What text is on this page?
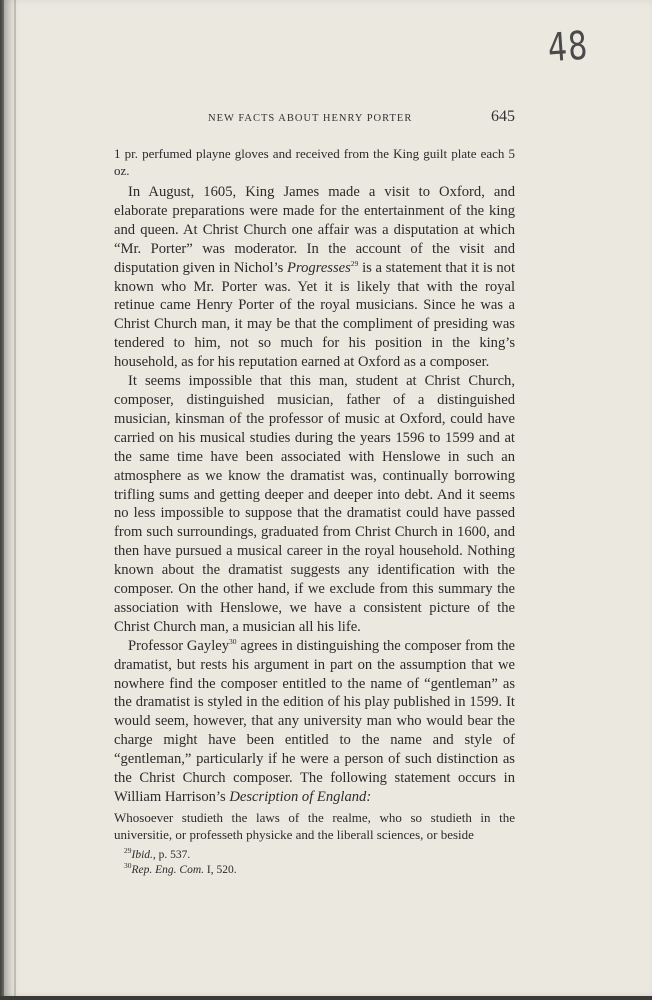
48
NEW FACTS ABOUT HENRY PORTER	645

1 pr. perfumed playne gloves and received from the King guilt plate each 5 oz.

In August, 1605, King James made a visit to Oxford, and elaborate preparations were made for the entertainment of the king and queen. At Christ Church one affair was a disputation at which “Mr. Porter” was moderator. In the account of the visit and disputation given in Nichol’s Progresses$^{29}$ is a statement that it is not known who Mr. Porter was. Yet it is likely that with the royal retinue came Henry Porter of the royal musicians. Since he was a Christ Church man, it may be that the compliment of presiding was tendered to him, not so much for his position in the king’s household, as for his reputation earned at Oxford as a composer.

It seems impossible that this man, student at Christ Church, composer, distinguished musician, father of a distinguished musician, kinsman of the professor of music at Oxford, could have carried on his musical studies during the years 1596 to 1599 and at the same time have been associated with Henslowe in such an atmosphere as we know the dramatist was, continually borrowing trifling sums and getting deeper and deeper into debt. And it seems no less impossible to suppose that the dramatist could have passed from such surroundings, graduated from Christ Church in 1600, and then have pursued a musical career in the royal household. Nothing known about the dramatist suggests any identification with the composer. On the other hand, if we exclude from this summary the association with Henslowe, we have a consistent picture of the Christ Church man, a musician all his life.

Professor Gayley$^{30}$ agrees in distinguishing the composer from the dramatist, but rests his argument in part on the assumption that we nowhere find the composer entitled to the name of “gentleman” as the dramatist is styled in the edition of his play published in 1599. It would seem, however, that any university man who would bear the charge might have been entitled to the name and style of “gentleman,” particularly if he were a person of such distinction as the Christ Church composer. The following statement occurs in William Harrison’s Description of England:

Whosoever studieth the laws of the realme, who so studieth in the universitie, or professeth physicke and the liberall sciences, or beside

$^{29}$Ibid., p. 537.
$^{30}$Rep. Eng. Com. I, 520.
